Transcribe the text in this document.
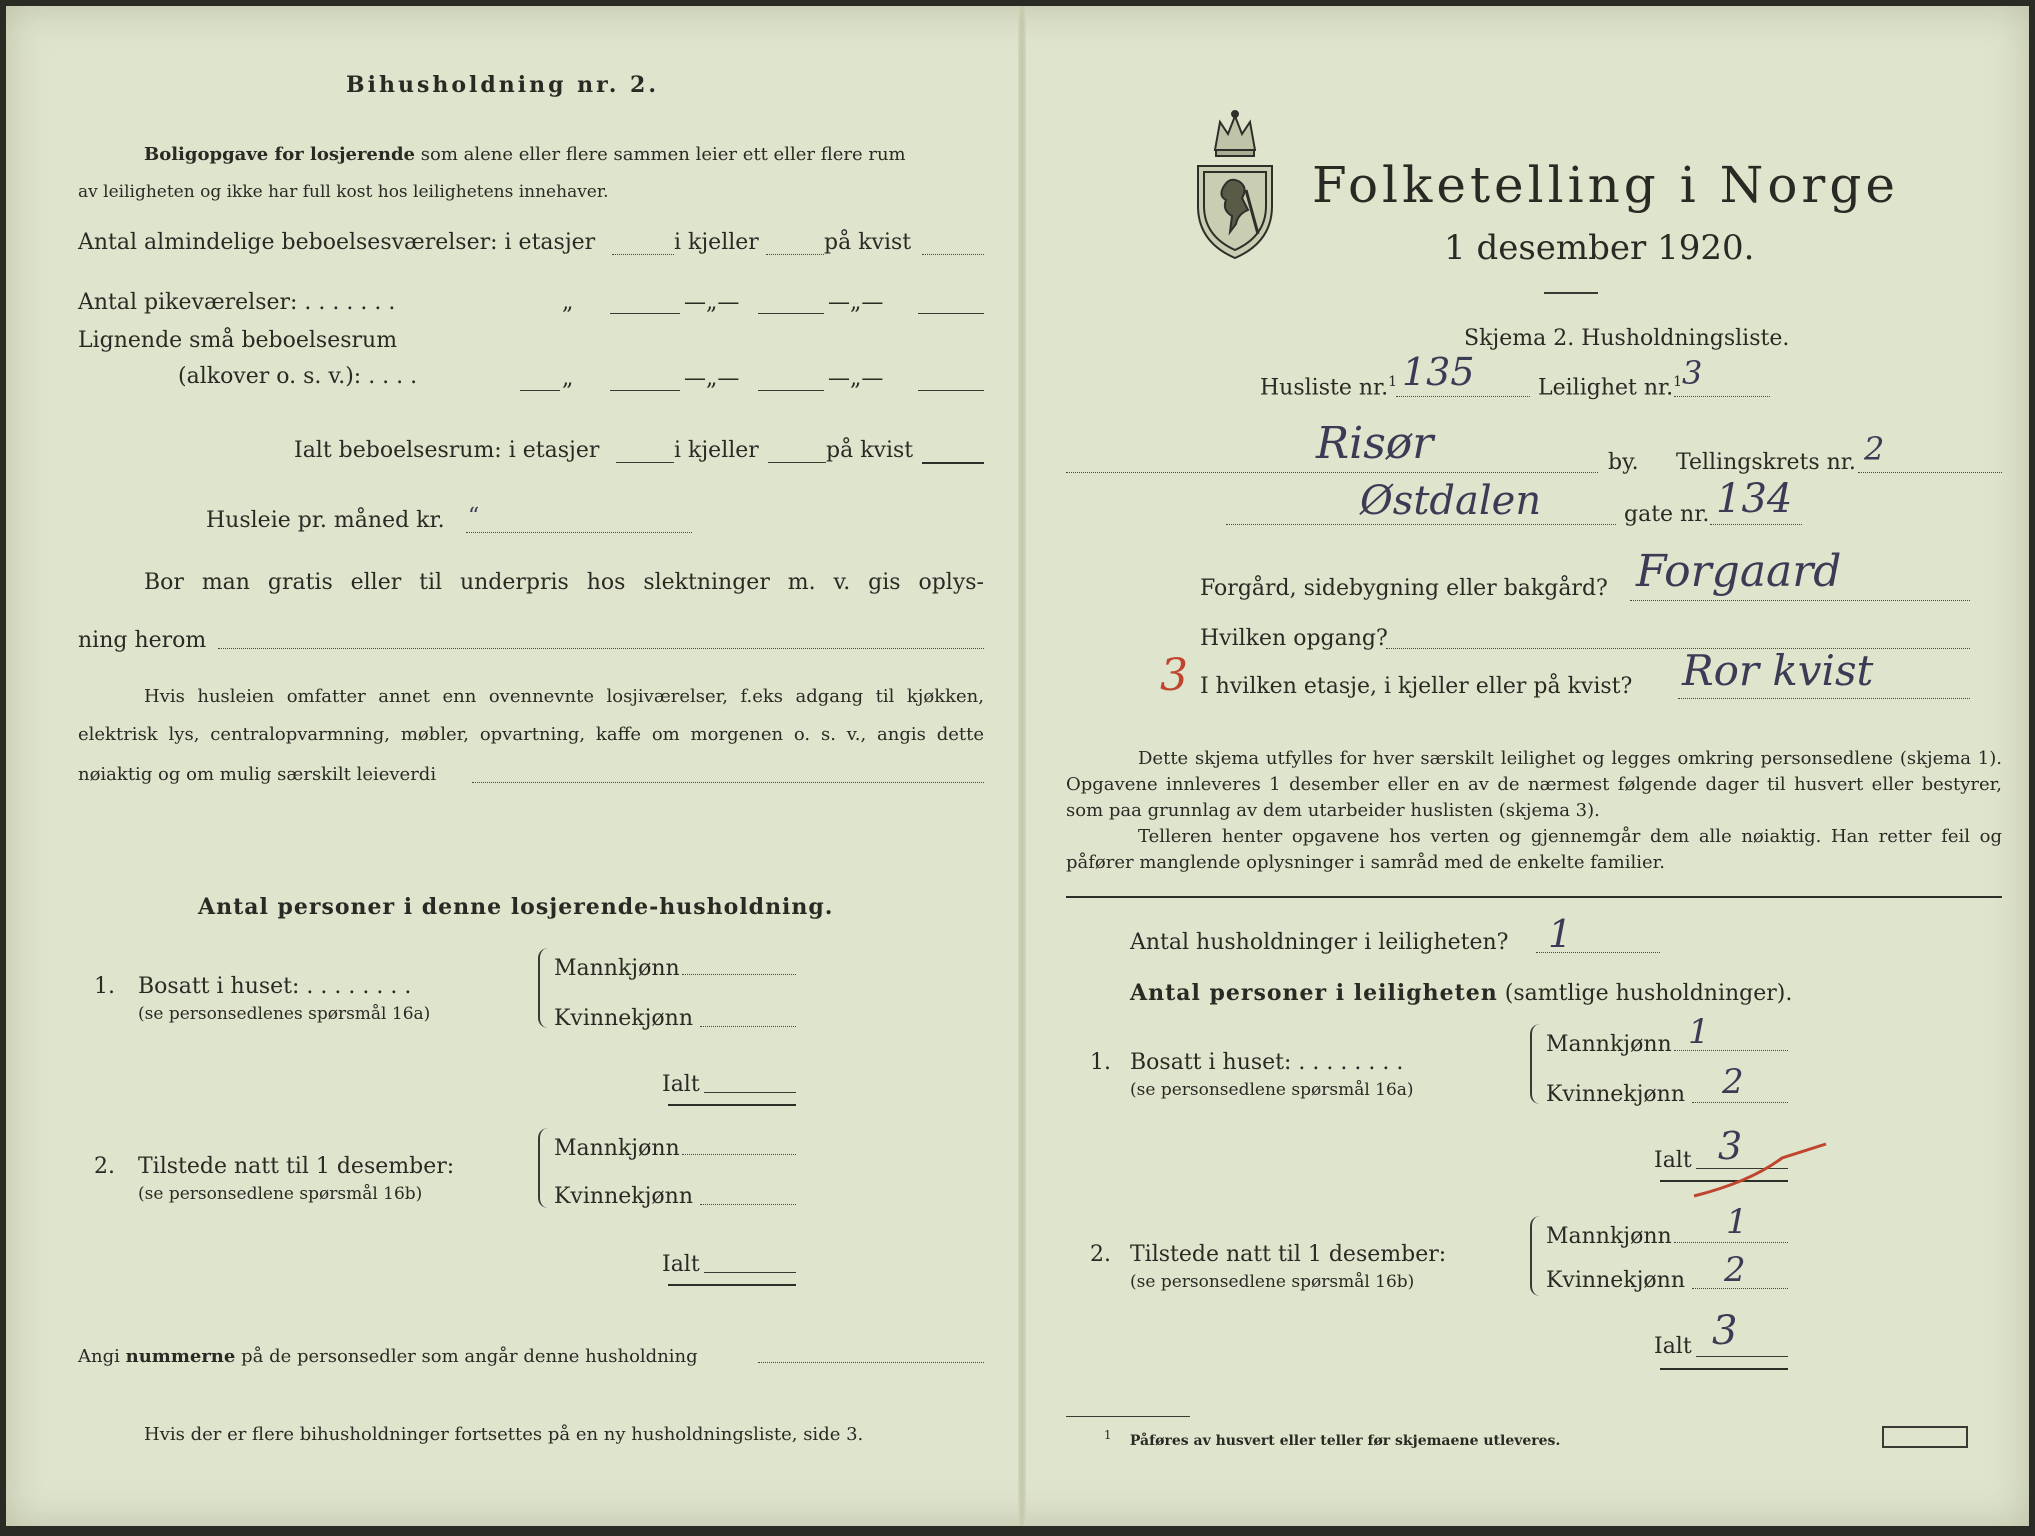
Bihusholdning nr. 2.
Boligopgave for losjerende som alene eller flere sammen leier ett eller flere rum
av leiligheten og ikke har full kost hos leilighetens innehaver.
Antal almindelige beboelsesværelser: i etasjer	i kjeller	på kvist
Antal pikeværelser: . . . . . . .	„	—„—	—„—
Lignende små beboelsesrum
(alkover o. s. v.): . . . .	„	—„—	—„—
Ialt beboelsesrum: i etasjer	i kjeller	på kvist
Husleie pr. måned kr. “
Bor man gratis eller til underpris hos slektninger m. v. gis oplys-
ning herom
Hvis husleien omfatter annet enn ovennevnte losjiværelser, f.eks adgang til kjøkken,
elektrisk lys, centralopvarmning, møbler, opvartning, kaffe om morgenen o. s. v., angis dette
nøiaktig og om mulig særskilt leieverdi
Antal personer i denne losjerende-husholdning.
1. Bosatt i huset: . . . . . . . .
(se personsedlenes spørsmål 16a)
Mannkjønn
Kvinnekjønn
Ialt
2. Tilstede natt til 1 desember:
(se personsedlene spørsmål 16b)
Mannkjønn
Kvinnekjønn
Ialt
Angi nummerne på de personsedler som angår denne husholdning
Hvis der er flere bihusholdninger fortsettes på en ny husholdningsliste, side 3.
Folketelling i Norge
1 desember 1920.
Skjema 2. Husholdningsliste.
Husliste nr.$^1$ 135	Leilighet nr.$^1$ 3
Risør	by. Tellingskrets nr. 2
Østdalen	gate nr. 134
Forgård, sidebygning eller bakgård? Forgaard
Hvilken opgang?
3 I hvilken etasje, i kjeller eller på kvist? Ror kvist
Dette skjema utfylles for hver særskilt leilighet og legges omkring personsedlene (skjema 1). Opgavene innleveres 1 desember eller en av de nærmest følgende dager til husvert eller bestyrer, som paa grunnlag av dem utarbeider huslisten (skjema 3).
Telleren henter opgavene hos verten og gjennemgår dem alle nøiaktig. Han retter feil og påfører manglende oplysninger i samråd med de enkelte familier.
Antal husholdninger i leiligheten? 1
Antal personer i leiligheten (samtlige husholdninger).
1. Bosatt i huset: . . . . . . . .
(se personsedlene spørsmål 16a)
Mannkjønn 1
Kvinnekjønn 2
Ialt 3
2. Tilstede natt til 1 desember:
(se personsedlene spørsmål 16b)
Mannkjønn 1
Kvinnekjønn 2
Ialt 3
$^1$ Påføres av husvert eller teller før skjemaene utleveres.
